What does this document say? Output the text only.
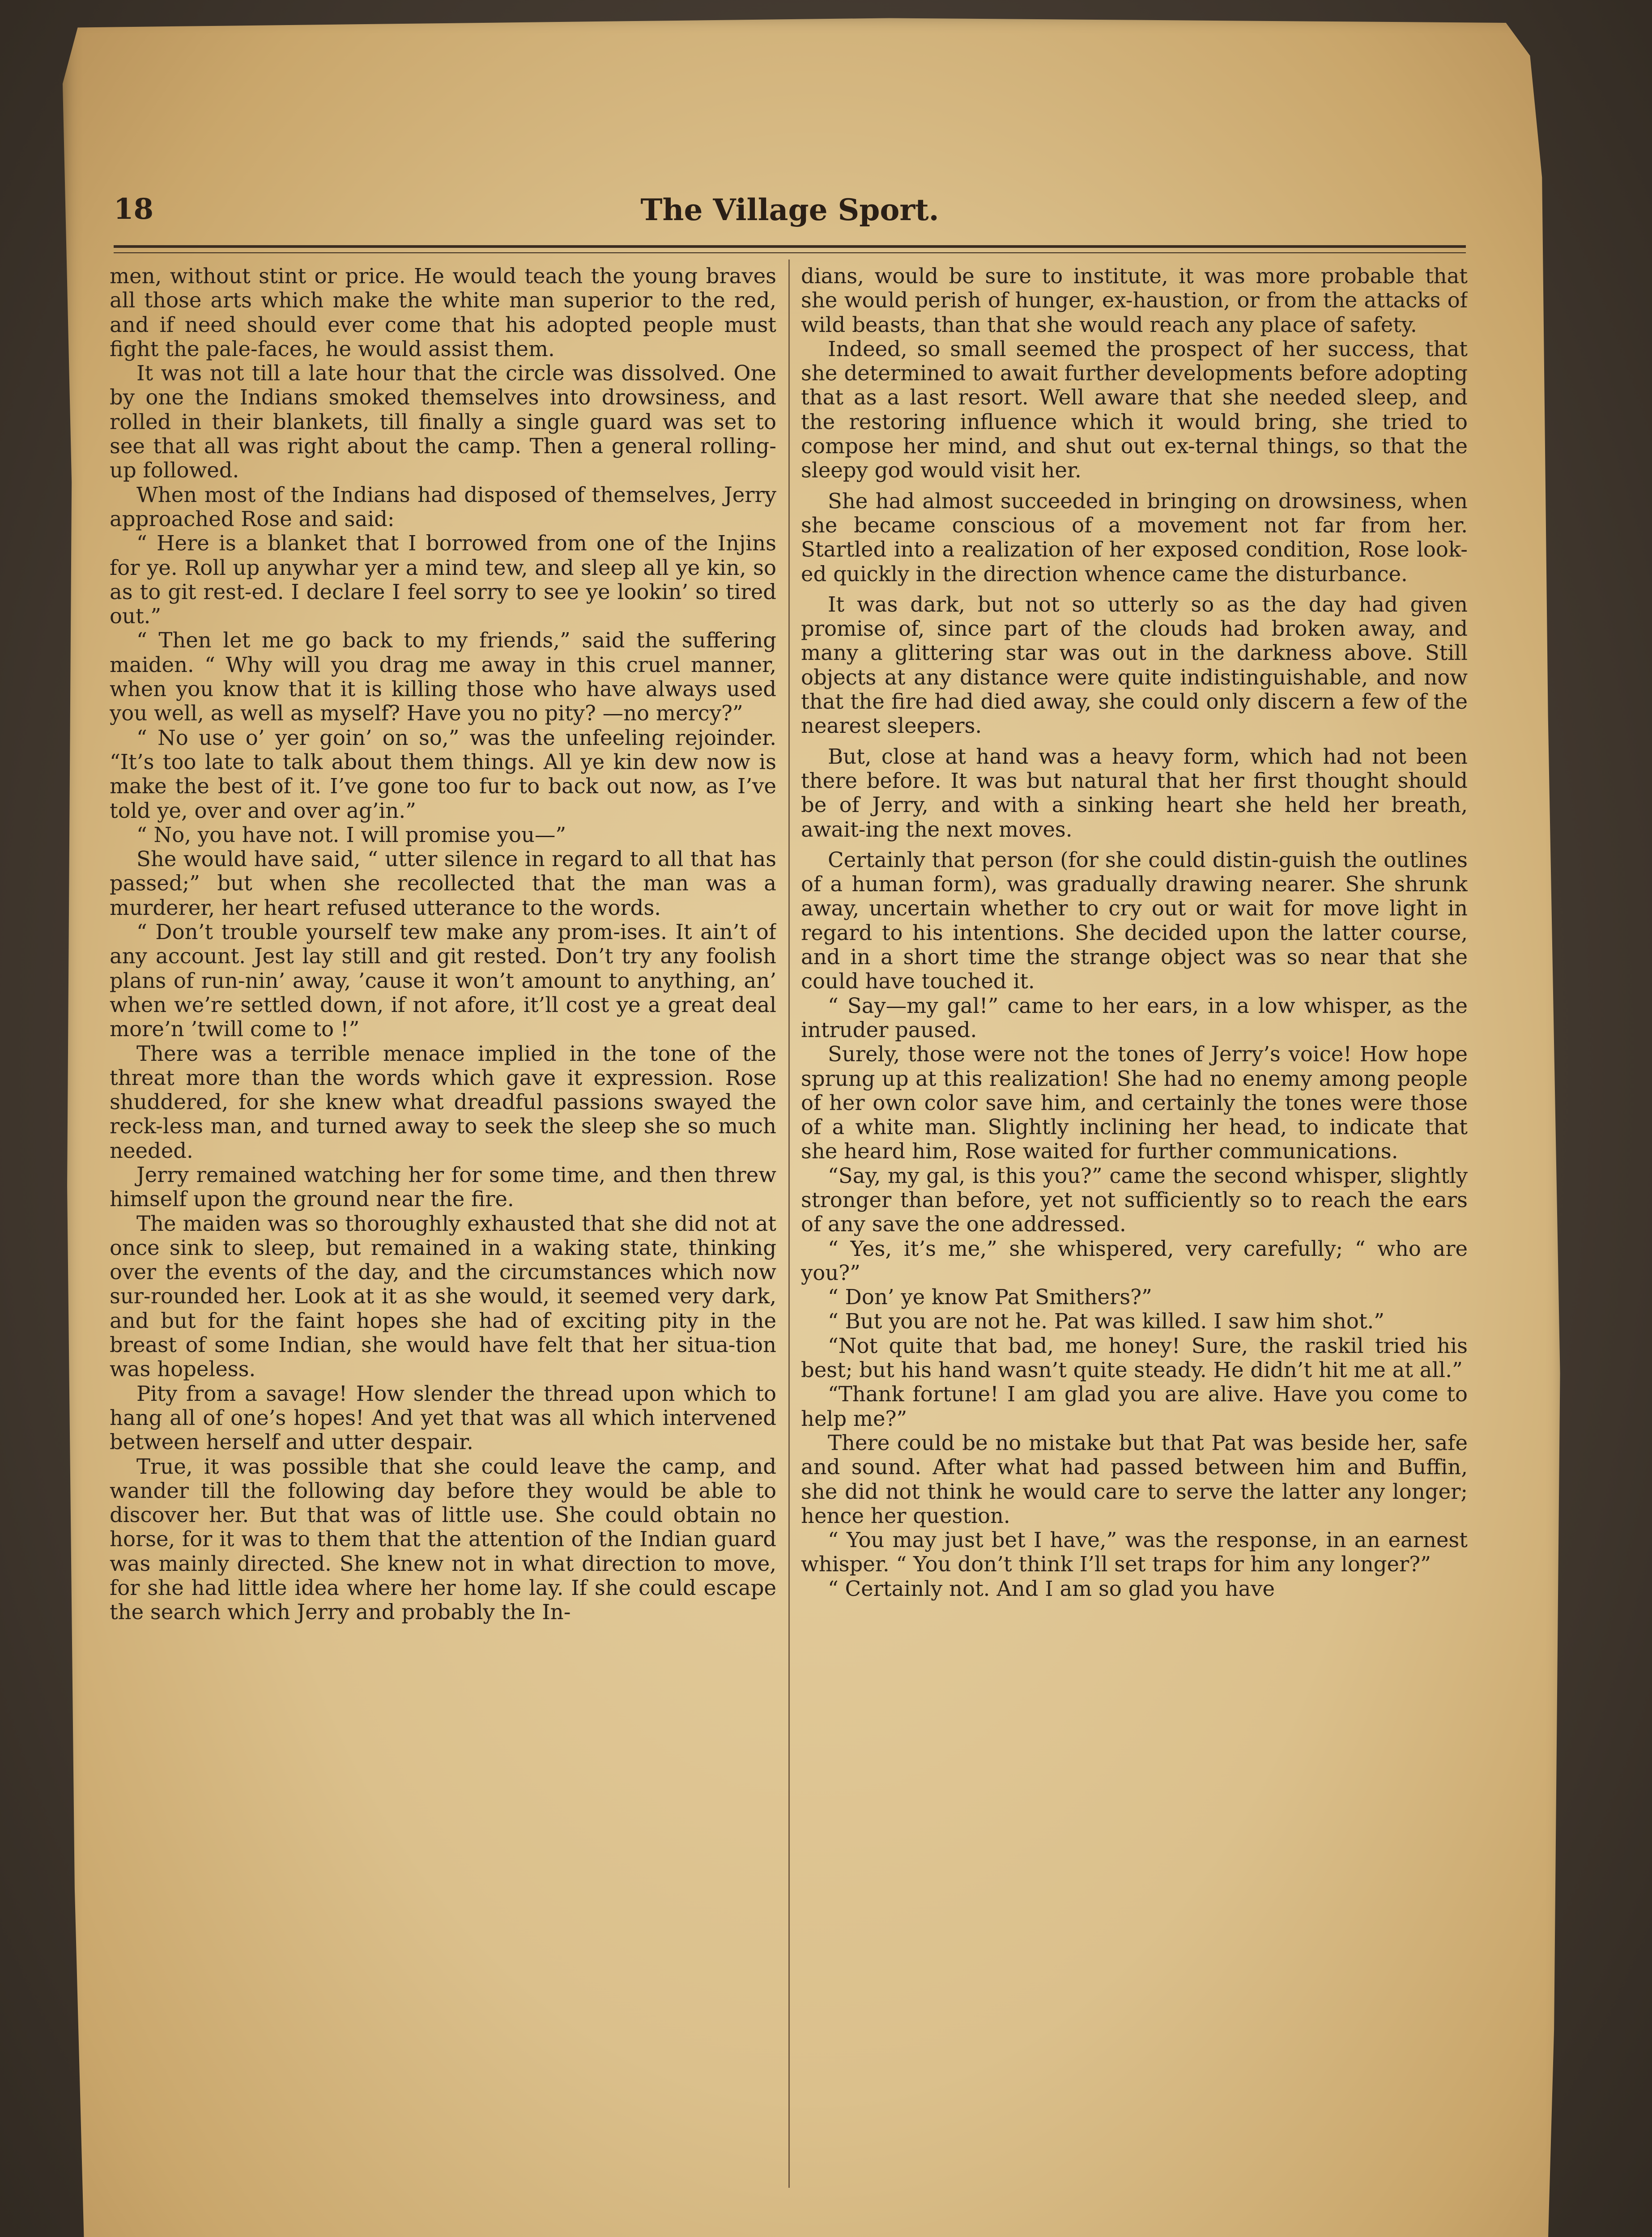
18	The Village Sport.

men, without stint or price. He would teach the young braves all those arts which make the white man superior to the red, and if need should ever come that his adopted people must fight the pale-faces, he would assist them.

It was not till a late hour that the circle was dissolved. One by one the Indians smoked themselves into drowsiness, and rolled in their blankets, till finally a single guard was set to see that all was right about the camp. Then a general rolling-up followed.

When most of the Indians had disposed of themselves, Jerry approached Rose and said:

“ Here is a blanket that I borrowed from one of the Injins for ye. Roll up anywhar yer a mind tew, and sleep all ye kin, so as to git rest-ed. I declare I feel sorry to see ye lookin’ so tired out.”

“ Then let me go back to my friends,” said the suffering maiden. “ Why will you drag me away in this cruel manner, when you know that it is killing those who have always used you well, as well as myself? Have you no pity? —no mercy?”

“ No use o’ yer goin’ on so,” was the unfeeling rejoinder. “It’s too late to talk about them things. All ye kin dew now is make the best of it. I’ve gone too fur to back out now, as I’ve told ye, over and over ag’in.”

“ No, you have not. I will promise you—”

She would have said, “ utter silence in regard to all that has passed;” but when she recollected that the man was a murderer, her heart refused utterance to the words.

“ Don’t trouble yourself tew make any prom-ises. It ain’t of any account. Jest lay still and git rested. Don’t try any foolish plans of run-nin’ away, ’cause it won’t amount to anything, an’ when we’re settled down, if not afore, it’ll cost ye a great deal more’n ’twill come to !”

There was a terrible menace implied in the tone of the threat more than the words which gave it expression. Rose shuddered, for she knew what dreadful passions swayed the reck-less man, and turned away to seek the sleep she so much needed.

Jerry remained watching her for some time, and then threw himself upon the ground near the fire.

The maiden was so thoroughly exhausted that she did not at once sink to sleep, but remained in a waking state, thinking over the events of the day, and the circumstances which now sur-rounded her. Look at it as she would, it seemed very dark, and but for the faint hopes she had of exciting pity in the breast of some Indian, she would have felt that her situa-tion was hopeless.

Pity from a savage! How slender the thread upon which to hang all of one’s hopes! And yet that was all which intervened between herself and utter despair.

True, it was possible that she could leave the camp, and wander till the following day before they would be able to discover her. But that was of little use. She could obtain no horse, for it was to them that the attention of the Indian guard was mainly directed. She knew not in what direction to move, for she had little idea where her home lay. If she could escape the search which Jerry and probably the In-

dians, would be sure to institute, it was more probable that she would perish of hunger, ex-haustion, or from the attacks of wild beasts, than that she would reach any place of safety.

Indeed, so small seemed the prospect of her success, that she determined to await further developments before adopting that as a last resort. Well aware that she needed sleep, and the restoring influence which it would bring, she tried to compose her mind, and shut out ex-ternal things, so that the sleepy god would visit her.

She had almost succeeded in bringing on drowsiness, when she became conscious of a movement not far from her. Startled into a realization of her exposed condition, Rose look-ed quickly in the direction whence came the disturbance.

It was dark, but not so utterly so as the day had given promise of, since part of the clouds had broken away, and many a glittering star was out in the darkness above. Still objects at any distance were quite indistinguishable, and now that the fire had died away, she could only discern a few of the nearest sleepers.

But, close at hand was a heavy form, which had not been there before. It was but natural that her first thought should be of Jerry, and with a sinking heart she held her breath, await-ing the next moves.

Certainly that person (for she could distin-guish the outlines of a human form), was gradually drawing nearer. She shrunk away, uncertain whether to cry out or wait for move light in regard to his intentions. She decided upon the latter course, and in a short time the strange object was so near that she could have touched it.

“ Say—my gal!” came to her ears, in a low whisper, as the intruder paused.

Surely, those were not the tones of Jerry’s voice! How hope sprung up at this realization! She had no enemy among people of her own color save him, and certainly the tones were those of a white man. Slightly inclining her head, to indicate that she heard him, Rose waited for further communications.

“Say, my gal, is this you?” came the second whisper, slightly stronger than before, yet not sufficiently so to reach the ears of any save the one addressed.

“ Yes, it’s me,” she whispered, very carefully; “ who are you?”

“ Don’ ye know Pat Smithers?”

“ But you are not he. Pat was killed. I saw him shot.”

“Not quite that bad, me honey! Sure, the raskil tried his best; but his hand wasn’t quite steady. He didn’t hit me at all.”

“Thank fortune! I am glad you are alive. Have you come to help me?”

There could be no mistake but that Pat was beside her, safe and sound. After what had passed between him and Buffin, she did not think he would care to serve the latter any longer; hence her question.

“ You may just bet I have,” was the response, in an earnest whisper. “ You don’t think I’ll set traps for him any longer?”

“ Certainly not. And I am so glad you have
